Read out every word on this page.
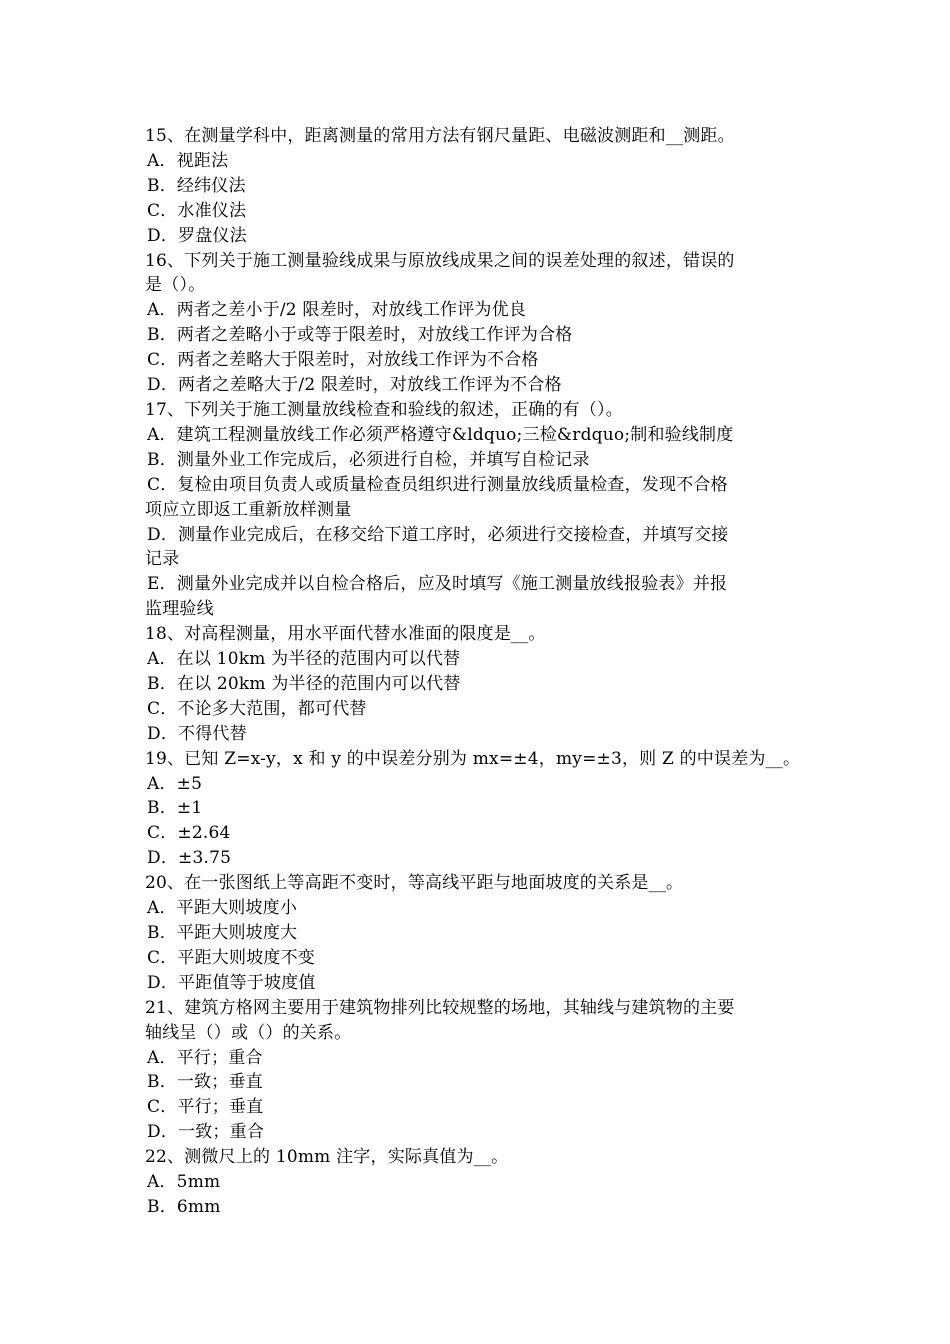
15、在测量学科中，距离测量的常用方法有钢尺量距、电磁波测距和__测距。
A．视距法
B．经纬仪法
C．水准仪法
D．罗盘仪法
16、下列关于施工测量验线成果与原放线成果之间的误差处理的叙述，错误的
是（）。
A．两者之差小于/2 限差时，对放线工作评为优良
B．两者之差略小于或等于限差时，对放线工作评为合格
C．两者之差略大于限差时，对放线工作评为不合格
D．两者之差略大于/2 限差时，对放线工作评为不合格
17、下列关于施工测量放线检查和验线的叙述，正确的有（）。
A．建筑工程测量放线工作必须严格遵守&ldquo;三检&rdquo;制和验线制度
B．测量外业工作完成后，必须进行自检，并填写自检记录
C．复检由项目负责人或质量检查员组织进行测量放线质量检查，发现不合格
项应立即返工重新放样测量
D．测量作业完成后，在移交给下道工序时，必须进行交接检查，并填写交接
记录
E．测量外业完成并以自检合格后，应及时填写《施工测量放线报验表》并报
监理验线
18、对高程测量，用水平面代替水准面的限度是__。
A．在以 10km 为半径的范围内可以代替
B．在以 20km 为半径的范围内可以代替
C．不论多大范围，都可代替
D．不得代替
19、已知 Z=x-y，x 和 y 的中误差分别为 mx=±4，my=±3，则 Z 的中误差为__。
A．±5
B．±1
C．±2.64
D．±3.75
20、在一张图纸上等高距不变时，等高线平距与地面坡度的关系是__。
A．平距大则坡度小
B．平距大则坡度大
C．平距大则坡度不变
D．平距值等于坡度值
21、建筑方格网主要用于建筑物排列比较规整的场地，其轴线与建筑物的主要
轴线呈（）或（）的关系。
A．平行；重合
B．一致；垂直
C．平行；垂直
D．一致；重合
22、测微尺上的 10mm 注字，实际真值为__。
A．5mm
B．6mm
